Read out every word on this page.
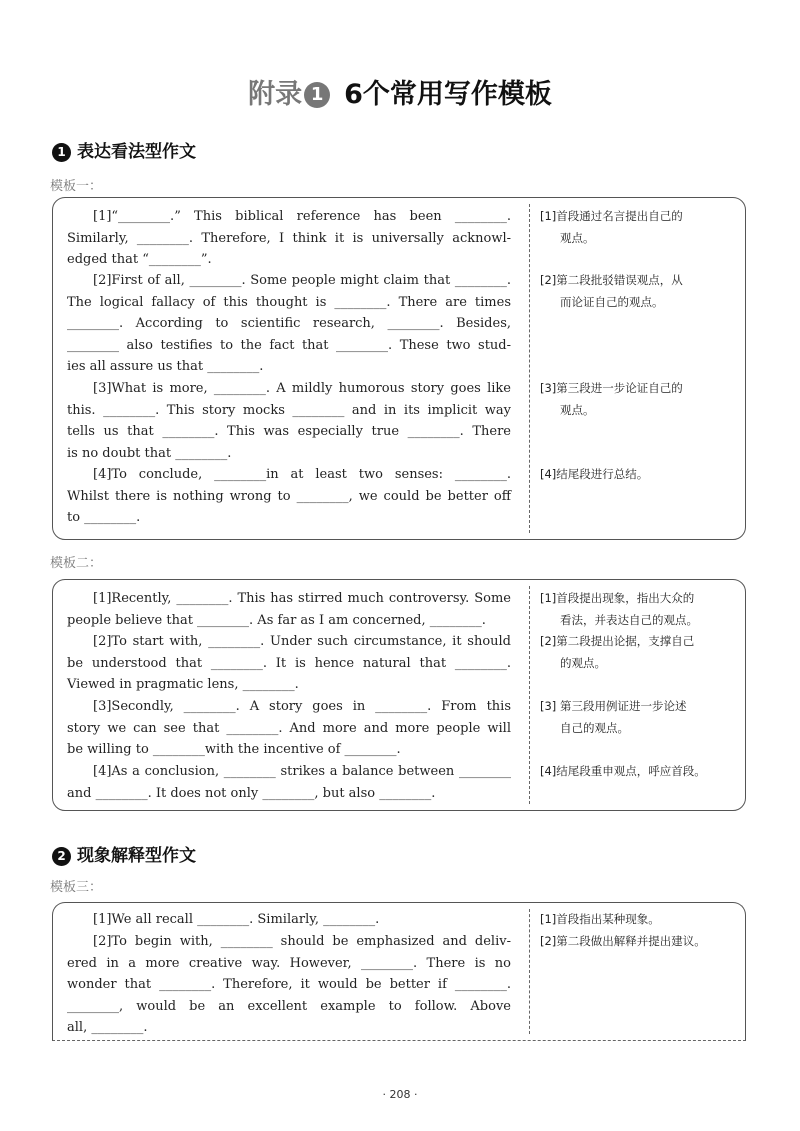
附录 1 6个常用写作模板
1 表达看法型作文
模板一：
[1]“________.” This biblical reference has been ________.
Similarly, ________. Therefore, I think it is universally acknowl-
edged that “________”.
[2]First of all, ________. Some people might claim that ________.
The logical fallacy of this thought is ________. There are times
________. According to scientific research, ________. Besides,
________ also testifies to the fact that ________. These two stud-
ies all assure us that ________.
[3]What is more, ________. A mildly humorous story goes like
this. ________. This story mocks ________ and in its implicit way
tells us that ________. This was especially true ________. There
is no doubt that ________.
[4]To conclude, ________in at least two senses: ________.
Whilst there is nothing wrong to ________, we could be better off
to ________.
[1]首段通过名言提出自己的
观点。
[2]第二段批驳错误观点，从
而论证自己的观点。
[3]第三段进一步论证自己的
观点。
[4]结尾段进行总结。
模板二：
[1]Recently, ________. This has stirred much controversy. Some
people believe that ________. As far as I am concerned, ________.
[2]To start with, ________. Under such circumstance, it should
be understood that ________. It is hence natural that ________.
Viewed in pragmatic lens, ________.
[3]Secondly, ________. A story goes in ________. From this
story we can see that ________. And more and more people will
be willing to ________with the incentive of ________.
[4]As a conclusion, ________ strikes a balance between ________
and ________. It does not only ________, but also ________.
[1]首段提出现象，指出大众的
看法，并表达自己的观点。
[2]第二段提出论据，支撑自己
的观点。
[3] 第三段用例证进一步论述
自己的观点。
[4]结尾段重申观点，呼应首段。
2 现象解释型作文
模板三：
[1]We all recall ________. Similarly, ________.
[2]To begin with, ________ should be emphasized and deliv-
ered in a more creative way. However, ________. There is no
wonder that ________. Therefore, it would be better if ________.
________, would be an excellent example to follow. Above
all, ________.
[1]首段指出某种现象。
[2]第二段做出解释并提出建议。
· 208 ·
